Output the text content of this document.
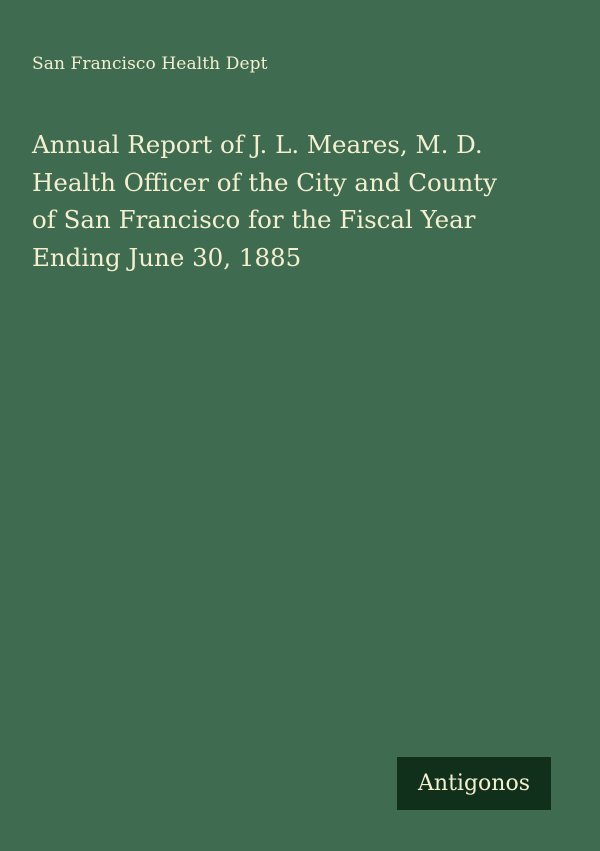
San Francisco Health Dept
Annual Report of J. L. Meares, M. D.
Health Officer of the City and County
of San Francisco for the Fiscal Year
Ending June 30, 1885
Antigonos
